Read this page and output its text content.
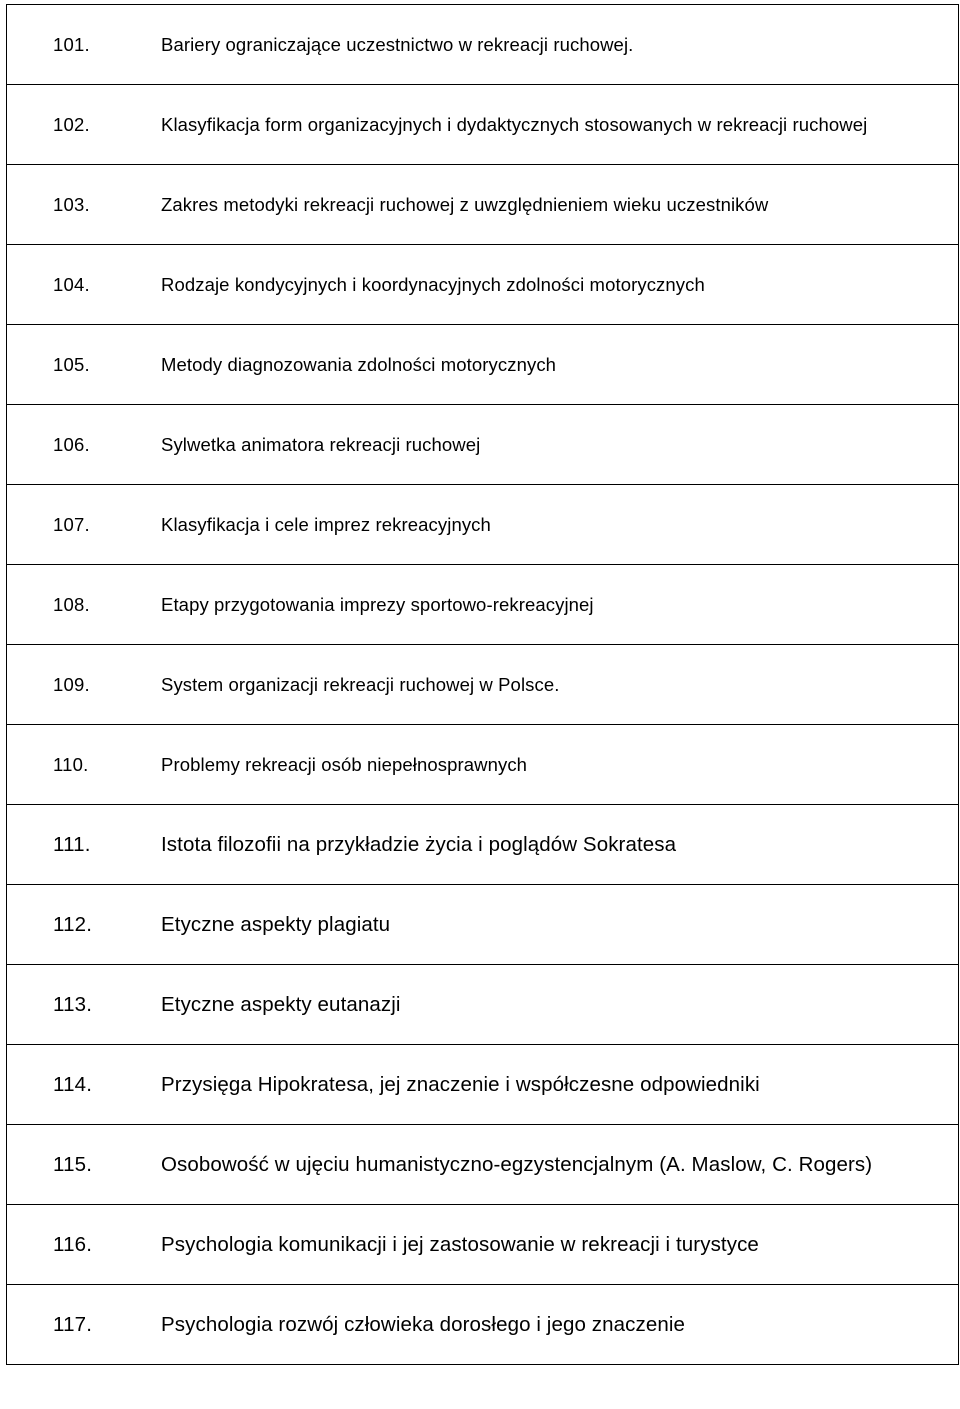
101.	Bariery ograniczające uczestnictwo w rekreacji ruchowej.

102.	Klasyfikacja form organizacyjnych i dydaktycznych stosowanych w rekreacji ruchowej

103.	Zakres metodyki rekreacji ruchowej z uwzględnieniem wieku uczestników

104.	Rodzaje kondycyjnych i koordynacyjnych zdolności motorycznych

105.	Metody diagnozowania zdolności motorycznych

106.	Sylwetka animatora rekreacji ruchowej

107.	Klasyfikacja i cele imprez rekreacyjnych

108.	Etapy przygotowania imprezy sportowo-rekreacyjnej

109.	System organizacji rekreacji ruchowej w Polsce.

110.	Problemy rekreacji osób niepełnosprawnych

111.	Istota filozofii na przykładzie życia i poglądów Sokratesa

112.	Etyczne aspekty plagiatu

113.	Etyczne aspekty eutanazji

114.	Przysięga Hipokratesa, jej znaczenie i współczesne odpowiedniki

115.	Osobowość w ujęciu humanistyczno-egzystencjalnym (A. Maslow, C. Rogers)

116.	Psychologia komunikacji i jej zastosowanie w rekreacji i turystyce

117.	Psychologia rozwój człowieka dorosłego i jego znaczenie
